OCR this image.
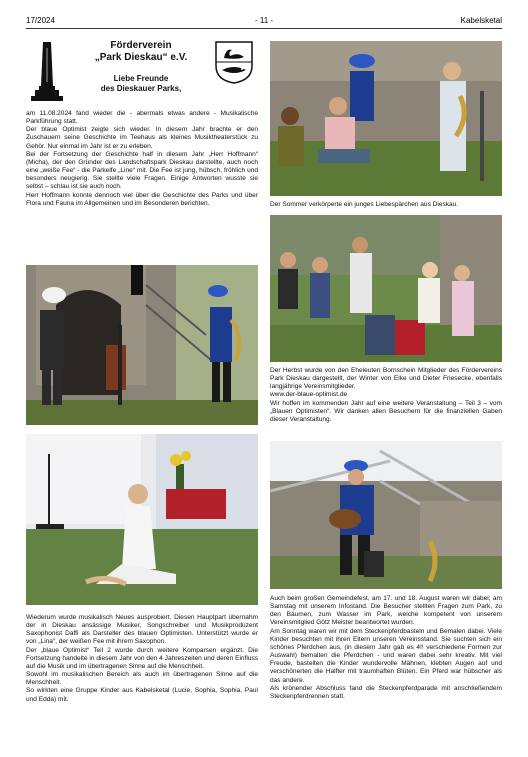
17/2024	- 11 -	Kabelsketal
Förderverein
„Park Dieskau“ e.V.
Liebe Freunde
des Dieskauer Parks,

am 11.08.2024 fand wieder die - abermals etwas andere - Musikalische Parkführung statt.

Der blaue Optimist zeigte sich wieder. In diesem Jahr brachte er den Zuschauern seine Geschichte im Teehaus als kleines Musiktheaterstück zu Gehör. Nur einmal im Jahr ist er zu erleben.

Bei der Fortsetzung der Geschichte half in diesem Jahr „Herr Hoffmann“ (Micha), der den Gründer des Landschaftspark Dieskau darstellte, auch noch eine „weiße Fee“ - die Parkelfe „Line“ mit. Die Fee ist jung, hübsch, fröhlich und besonders neugierig. Sie stellte viele Fragen. Einige Antworten wusste sie selbst – schlau ist sie auch noch.

Herr Hoffmann konnte dennoch viel über die Geschichte des Parks und über Flora und Fauna im Allgemeinen und im Besonderen berichten.

Wiederum wurde musikalisch Neues ausprobiert. Diesen Hauptpart übernahm der in Dieskau ansässige Musiker, Songschreiber und Musikproduzent Saxophonist Daffi als Darsteller des blauen Optimisten. Unterstützt wurde er von „Lina“, der weißen Fee mit ihrem Saxophon.

Der „blaue Optimist“ Teil 2 wurde durch weitere Komparsen ergänzt. Die Fortsetzung handelte in diesem Jahr von den 4 Jahreszeiten und deren Einfluss auf die Musik und im übertragenen Sinne auf die Menschheit.

Sowohl im musikalischen Bereich als auch im übertragenen Sinne auf die Menschheit.

So wirkten eine Gruppe Kinder aus Kabelsketal (Lucie, Sophia, Sophia, Paul und Edda) mit.

Der Sommer verkörperte ein junges Liebespärchen aus Dieskau.

Der Herbst wurde von den Eheleuten Bornschein Mitglieder des Fördervereins Park Dieskau dargestellt, der Winter von Elke und Dieter Friesecke, ebenfalls langjährige Vereinsmitglieder.

www.der-blaue-optimist.de

Wir hoffen im kommenden Jahr auf eine weitere Veranstaltung – Teil 3 – vom „Blauen Optimisten“. Wir danken allen Besuchern für die finanziellen Gaben dieser Veranstaltung.

Auch beim großen Gemeindefest, am 17. und 18. August waren wir dabei; am Samstag mit unserem Infostand. Die Besucher stellten Fragen zum Park, zu den Bäumen, zum Wasser im Park, welche kompetent von unserem Vereinsmitglied Götz Meister beantwortet wurden.

Am Sonntag waren wir mit dem Steckenpferdbasteln und Bemalen dabei. Viele Kinder besuchten mit ihren Eltern unseren Vereinsstand. Sie suchten sich ein schönes Pferdchen aus, (in diesem Jahr gab es 4!! verschiedene Formen zur Auswahl) bemalten die Pferdchen - und waren dabei sehr kreativ. Mit viel Freude, bastelten die Kinder wundervolle Mähnen, klebten Augen auf und verschönerten die Halfter mit traumhaften Blüten. Ein Pferd war hübscher als das andere.

Als krönender Abschluss fand die Steckenpferdparade mit anschließendem Steckenpferdrennen statt.
